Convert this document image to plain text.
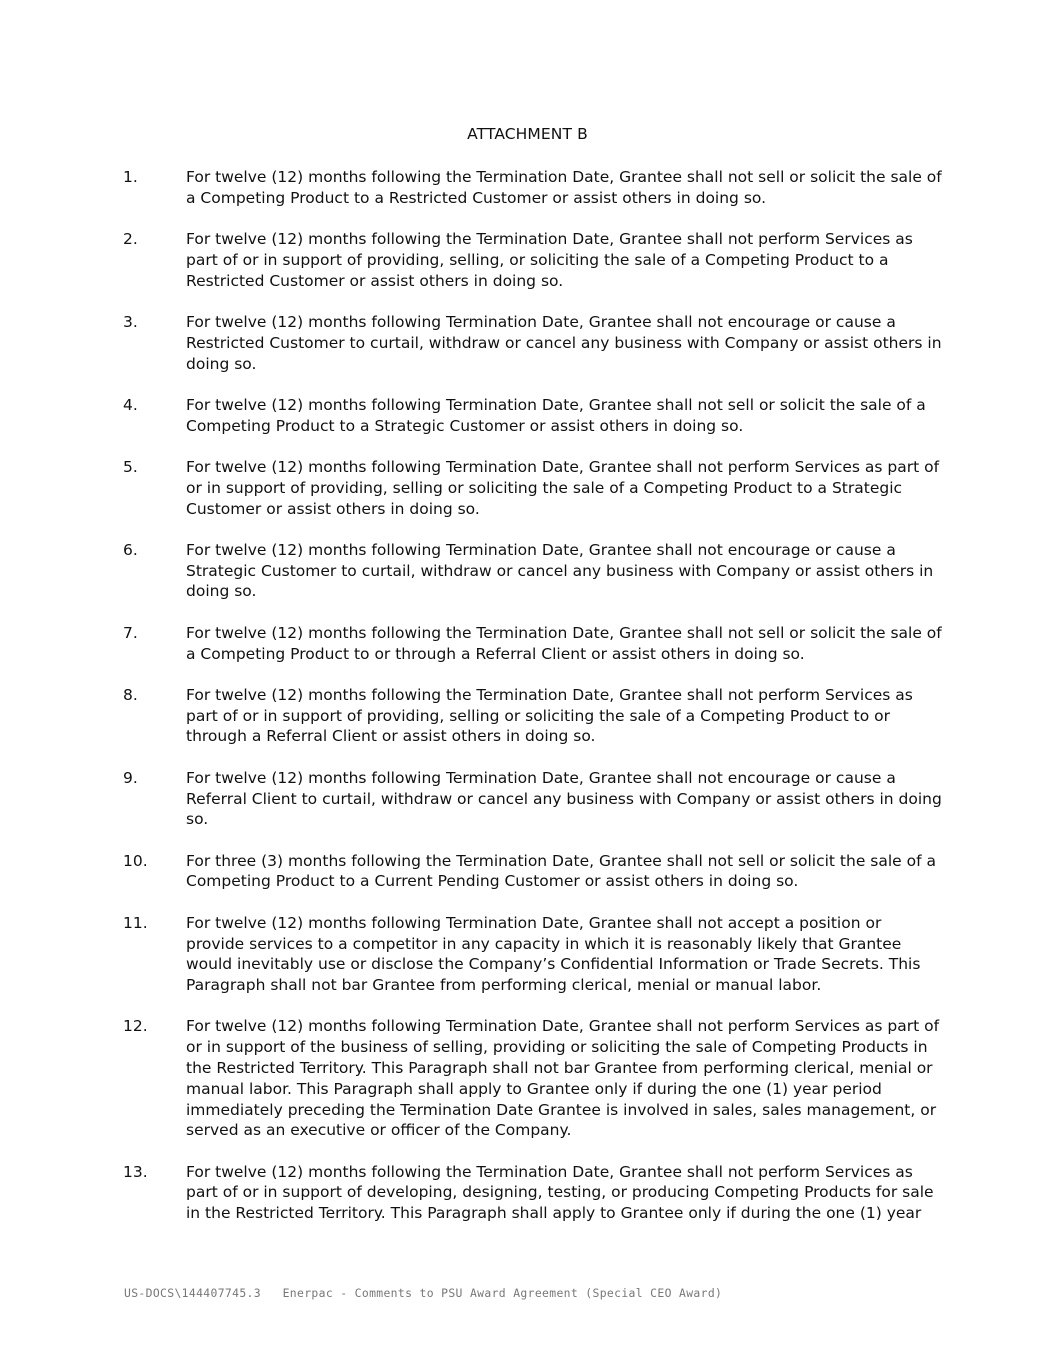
ATTACHMENT B
1.	For twelve (12) months following the Termination Date, Grantee shall not sell or solicit the sale of a Competing Product to a Restricted Customer or assist others in doing so.
2.	For twelve (12) months following the Termination Date, Grantee shall not perform Services as part of or in support of providing, selling, or soliciting the sale of a Competing Product to a Restricted Customer or assist others in doing so.
3.	For twelve (12) months following Termination Date, Grantee shall not encourage or cause a Restricted Customer to curtail, withdraw or cancel any business with Company or assist others in doing so.
4.	For twelve (12) months following Termination Date, Grantee shall not sell or solicit the sale of a Competing Product to a Strategic Customer or assist others in doing so.
5.	For twelve (12) months following Termination Date, Grantee shall not perform Services as part of or in support of providing, selling or soliciting the sale of a Competing Product to a Strategic Customer or assist others in doing so.
6.	For twelve (12) months following Termination Date, Grantee shall not encourage or cause a Strategic Customer to curtail, withdraw or cancel any business with Company or assist others in doing so.
7.	For twelve (12) months following the Termination Date, Grantee shall not sell or solicit the sale of a Competing Product to or through a Referral Client or assist others in doing so.
8.	For twelve (12) months following the Termination Date, Grantee shall not perform Services as part of or in support of providing, selling or soliciting the sale of a Competing Product to or through a Referral Client or assist others in doing so.
9.	For twelve (12) months following Termination Date, Grantee shall not encourage or cause a Referral Client to curtail, withdraw or cancel any business with Company or assist others in doing so.
10.	For three (3) months following the Termination Date, Grantee shall not sell or solicit the sale of a Competing Product to a Current Pending Customer or assist others in doing so.
11.	For twelve (12) months following Termination Date, Grantee shall not accept a position or provide services to a competitor in any capacity in which it is reasonably likely that Grantee would inevitably use or disclose the Company’s Confidential Information or Trade Secrets. This Paragraph shall not bar Grantee from performing clerical, menial or manual labor.
12.	For twelve (12) months following Termination Date, Grantee shall not perform Services as part of or in support of the business of selling, providing or soliciting the sale of Competing Products in the Restricted Territory. This Paragraph shall not bar Grantee from performing clerical, menial or manual labor. This Paragraph shall apply to Grantee only if during the one (1) year period immediately preceding the Termination Date Grantee is involved in sales, sales management, or served as an executive or officer of the Company.
13.	For twelve (12) months following the Termination Date, Grantee shall not perform Services as part of or in support of developing, designing, testing, or producing Competing Products for sale in the Restricted Territory. This Paragraph shall apply to Grantee only if during the one (1) year
US-DOCS\144407745.3   Enerpac - Comments to PSU Award Agreement (Special CEO Award)
